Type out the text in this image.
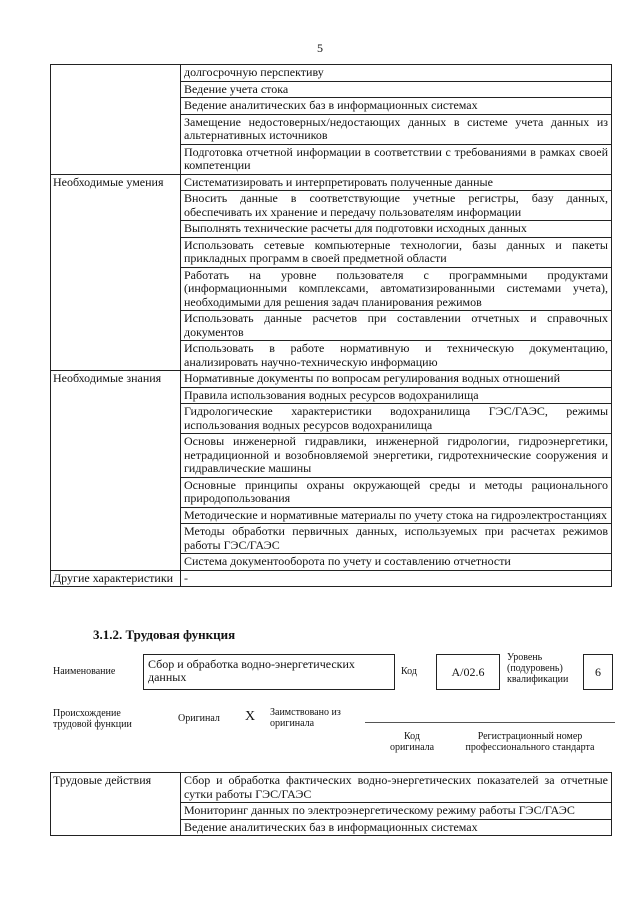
5
	долгосрочную перспективу
	Ведение учета стока
	Ведение аналитических баз в информационных системах
	Замещение недостоверных/недостающих данных в системе учета данных из альтернативных источников
	Подготовка отчетной информации в соответствии с требованиями в рамках своей компетенции
Необходимые умения	Систематизировать и интерпретировать полученные данные
	Вносить данные в соответствующие учетные регистры, базу данных, обеспечивать их хранение и передачу пользователям информации
	Выполнять технические расчеты для подготовки исходных данных
	Использовать сетевые компьютерные технологии, базы данных и пакеты прикладных программ в своей предметной области
	Работать на уровне пользователя с программными продуктами (информационными комплексами, автоматизированными системами учета), необходимыми для решения задач планирования режимов
	Использовать данные расчетов при составлении отчетных и справочных документов
	Использовать в работе нормативную и техническую документацию, анализировать научно-техническую информацию
Необходимые знания	Нормативные документы по вопросам регулирования водных отношений
	Правила использования водных ресурсов водохранилища
	Гидрологические характеристики водохранилища ГЭС/ГАЭС, режимы использования водных ресурсов водохранилища
	Основы инженерной гидравлики, инженерной гидрологии, гидроэнергетики, нетрадиционной и возобновляемой энергетики, гидротехнические сооружения и гидравлические машины
	Основные принципы охраны окружающей среды и методы рационального природопользования
	Методические и нормативные материалы по учету стока на гидроэлектростанциях
	Методы обработки первичных данных, используемых при расчетах режимов работы ГЭС/ГАЭС
	Система документооборота по учету и составлению отчетности
Другие характеристики	-
3.1.2. Трудовая функция
Наименование
Сбор и обработка водно-энергетических данных	Код	A/02.6
Уровень (подуровень) квалификации
6
Происхождение трудовой функции
Оригинал X Заимствовано из оригинала
Код оригинала
Регистрационный номер профессионального стандарта
Трудовые действия	Сбор и обработка фактических водно-энергетических показателей за отчетные сутки работы ГЭС/ГАЭС
Мониторинг данных по электроэнергетическому режиму работы ГЭС/ГАЭС
Ведение аналитических баз в информационных системах
